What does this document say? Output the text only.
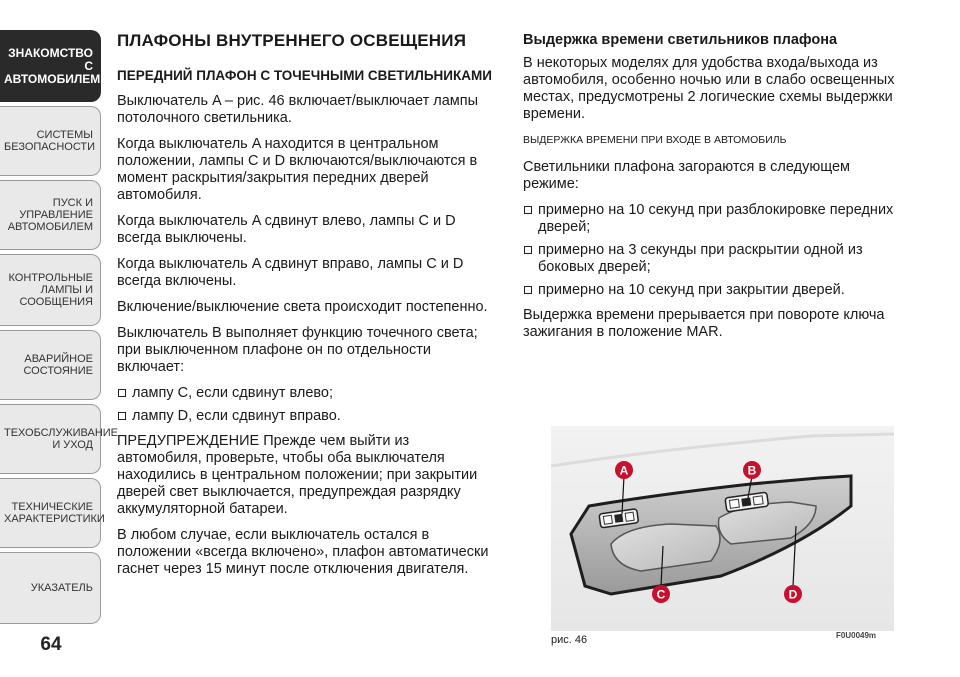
ЗНАКОМСТВО С
АВТОМОБИЛЕМ
СИСТЕМЫ
БЕЗОПАСНОСТИ
ПУСК И УПРАВЛЕНИЕ
АВТОМОБИЛЕМ
КОНТРОЛЬНЫЕ
ЛАМПЫ И
СООБЩЕНИЯ
АВАРИЙНОЕ
СОСТОЯНИЕ
ТЕХОБСЛУЖИВАНИЕ
И УХОД
ТЕХНИЧЕСКИЕ
ХАРАКТЕРИСТИКИ
УКАЗАТЕЛЬ
64
ПЛАФОНЫ ВНУТРЕННЕГО ОСВЕЩЕНИЯ
ПЕРЕДНИЙ ПЛАФОН С ТОЧЕЧНЫМИ СВЕТИЛЬНИКАМИ

Выключатель A – рис. 46 включает/выключает лампы потолочного светильника.

Когда выключатель A находится в центральном положении, лампы C и D включаются/выключаются в момент раскрытия/закрытия передних дверей автомобиля.

Когда выключатель A сдвинут влево, лампы C и D всегда выключены.

Когда выключатель A сдвинут вправо, лампы C и D всегда включены.

Включение/выключение света происходит постепенно.

Выключатель B выполняет функцию точечного света; при выключенном плафоне он по отдельности включает:

лампу C, если сдвинут влево;
лампу D, если сдвинут вправо.

ПРЕДУПРЕЖДЕНИЕ Прежде чем выйти из автомобиля, проверьте, чтобы оба выключателя находились в центральном положении; при закрытии дверей свет выключается, предупреждая разрядку аккумуляторной батареи.

В любом случае, если выключатель остался в положении «всегда включено», плафон автоматически гаснет через 15 минут после отключения двигателя.

Выдержка времени светильников плафона

В некоторых моделях для удобства входа/выхода из автомобиля, особенно ночью или в слабо освещенных местах, предусмотрены 2 логические схемы выдержки времени.

ВЫДЕРЖКА ВРЕМЕНИ ПРИ ВХОДЕ В АВТОМОБИЛЬ

Светильники плафона загораются в следующем режиме:

примерно на 10 секунд при разблокировке передних дверей;
примерно на 3 секунды при раскрытии одной из боковых дверей;
примерно на 10 секунд при закрытии дверей.

Выдержка времени прерывается при повороте ключа зажигания в положение MAR.

A	B
C	D
рис. 46	F0U0049m
